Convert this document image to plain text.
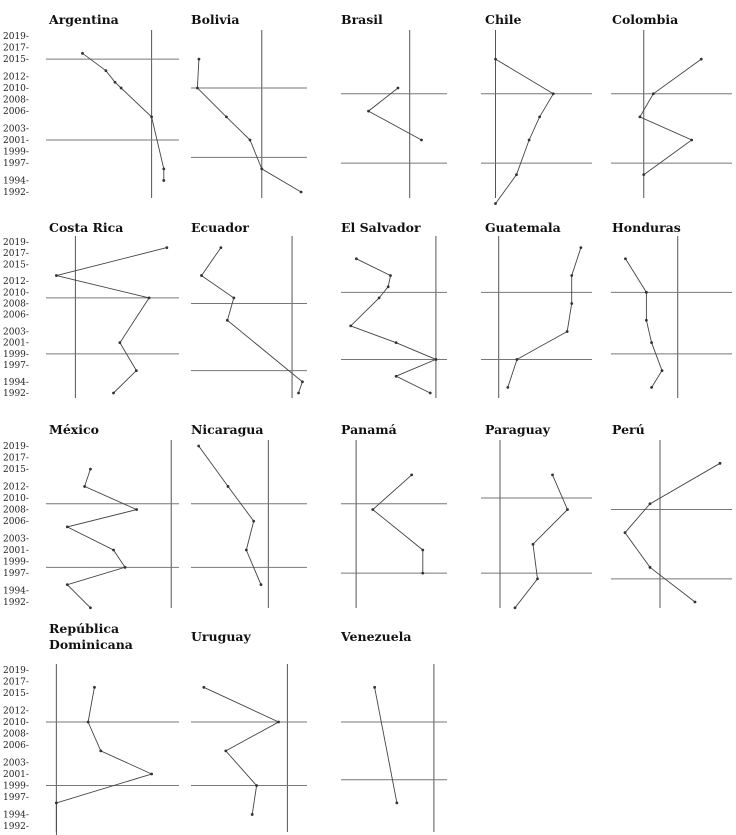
2019-
2017-
2015-
2012-
2010-
2008-
2006-
2003-
2001-
1999-
1997-
1994-
1992-
2019-
2017-
2015-
2012-
2010-
2008-
2006-
2003-
2001-
1999-
1997-
1994-
1992-
2019-
2017-
2015-
2012-
2010-
2008-
2006-
2003-
2001-
1999-
1997-
1994-
1992-
2019-
2017-
2015-
2012-
2010-
2008-
2006-
2003-
2001-
1999-
1997-
1994-
1992-
Argentina	Bolivia	Brasil	Chile	Colombia
Costa Rica	Ecuador	El Salvador	Guatemala	Honduras
México	Nicaragua	Panamá	Paraguay	Perú
República
Dominicana
Uruguay	Venezuela
